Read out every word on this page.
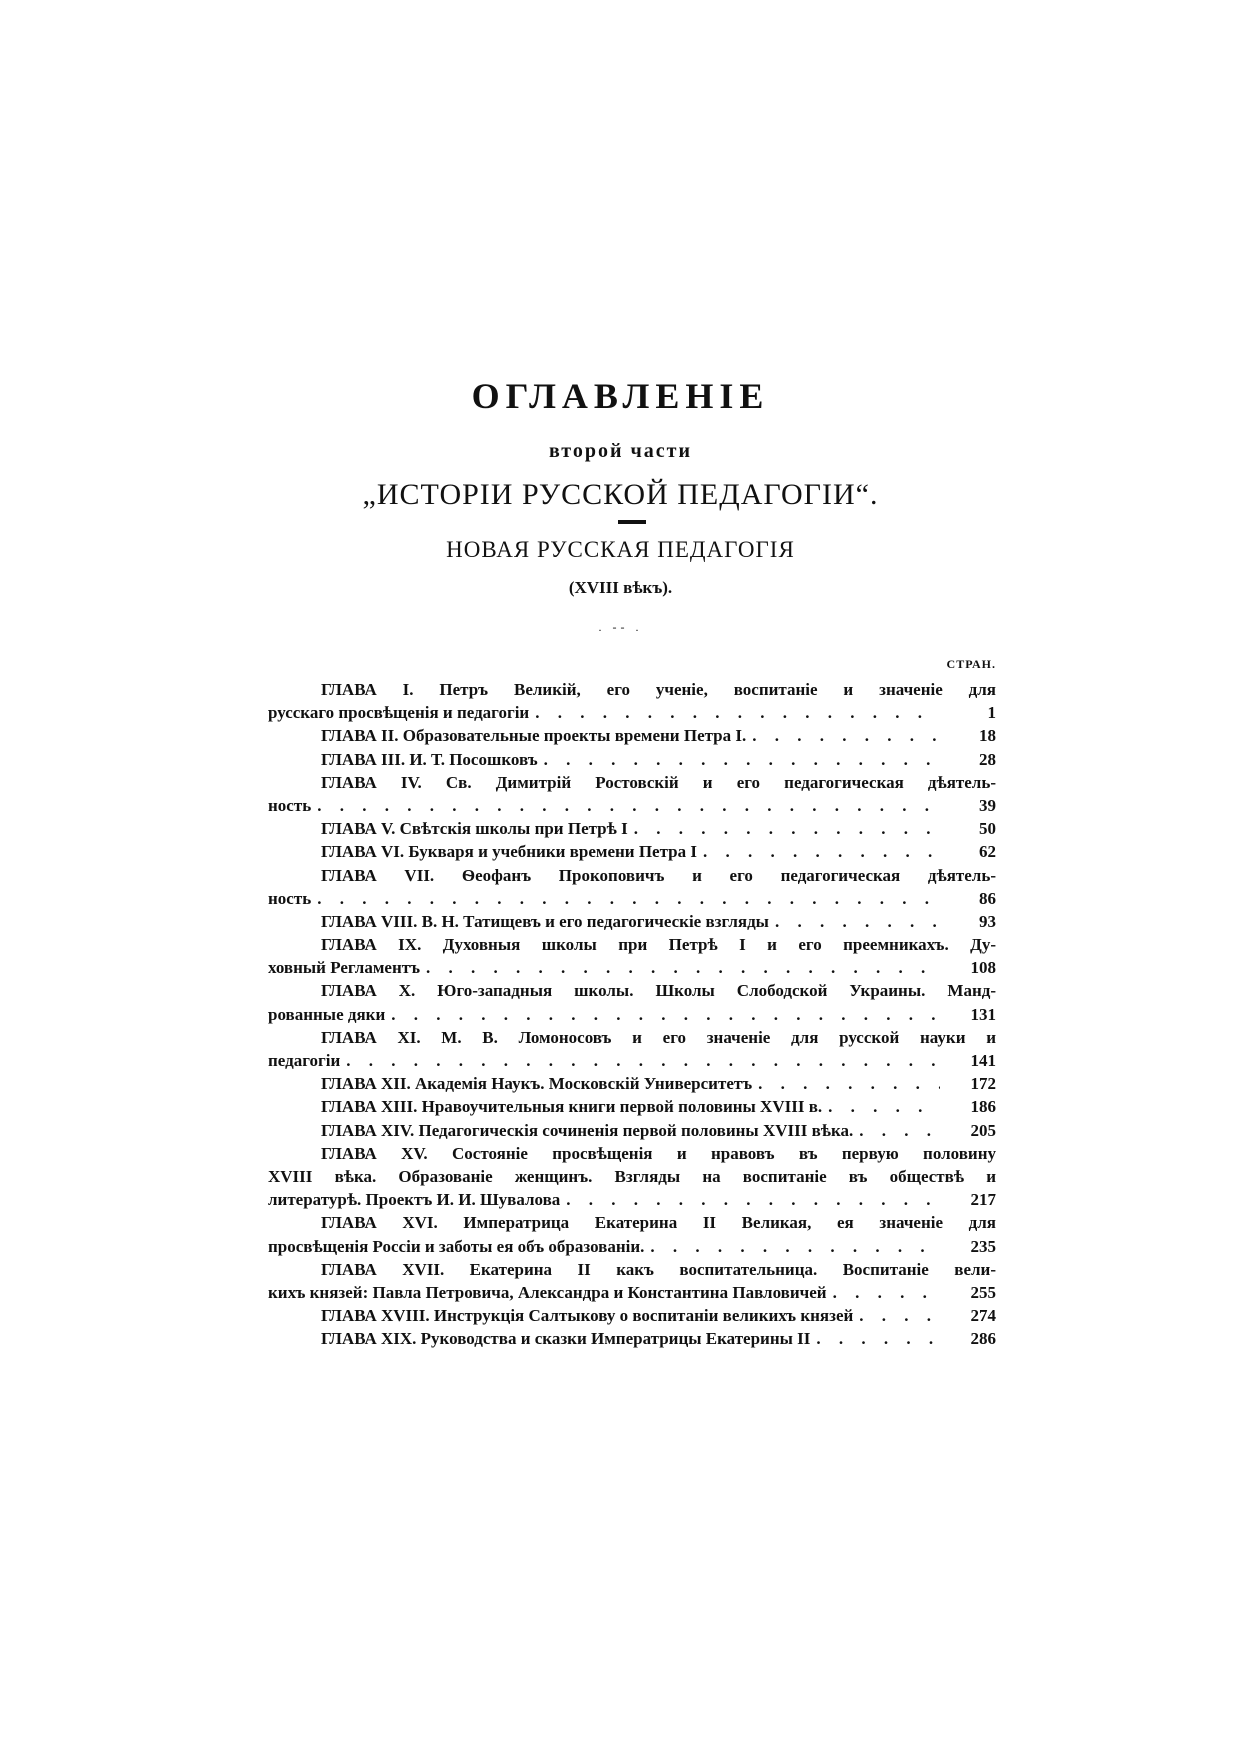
ОГЛАВЛЕНІЕ
второй части
„ИСТОРІИ РУССКОЙ ПЕДАГОГІИ“.
НОВАЯ РУССКАЯ ПЕДАГОГІЯ
(XVIII вѣкъ).
. ‑‑ .
СТРАН.
ГЛАВА I. Петръ Великій, его ученіе, воспитаніе и значеніе для
русскаго просвѣщенія и педагогіи . . .	1
ГЛАВА II. Образовательные проекты времени Петра I. . . .	18
ГЛАВА III. И. Т. Посошковъ . . .	28
ГЛАВА IV. Св. Димитрій Ростовскій и его педагогическая дѣятель-
ность . . .	39
ГЛАВА V. Свѣтскія школы при Петрѣ I . . .	50
ГЛАВА VI. Букваря и учебники времени Петра I . . .	62
ГЛАВА VII. Ѳеофанъ Прокоповичъ и его педагогическая дѣятель-
ность . . .	86
ГЛАВА VIII. В. Н. Татищевъ и его педагогическіе взгляды . . .	93
ГЛАВА IX. Духовныя школы при Петрѣ I и его преемникахъ. Ду-
ховный Регламентъ . . .	108
ГЛАВА X. Юго-западныя школы. Школы Слободской Украины. Манд-
рованные дяки . . .	131
ГЛАВА XI. М. В. Ломоносовъ и его значеніе для русской науки и
педагогіи . . .	141
ГЛАВА XII. Академія Наукъ. Московскій Университетъ . . .	172
ГЛАВА XIII. Нравоучительныя книги первой половины XVIII в. . . .	186
ГЛАВА XIV. Педагогическія сочиненія первой половины XVIII вѣка. . . .	205
ГЛАВА XV. Состояніе просвѣщенія и нравовъ въ первую половину
XVIII вѣка. Образованіе женщинъ. Взгляды на воспитаніе въ обществѣ и
литературѣ. Проектъ И. И. Шувалова . . .	217
ГЛАВА XVI. Императрица Екатерина II Великая, ея значеніе для
просвѣщенія Россіи и заботы ея объ образованіи. . . .	235
ГЛАВА XVII. Екатерина II какъ воспитательница. Воспитаніе вели-
кихъ князей: Павла Петровича, Александра и Константина Павловичей . . .	255
ГЛАВА XVIII. Инструкція Салтыкову о воспитаніи великихъ князей . . .	274
ГЛАВА XIX. Руководства и сказки Императрицы Екатерины II . . .	286
